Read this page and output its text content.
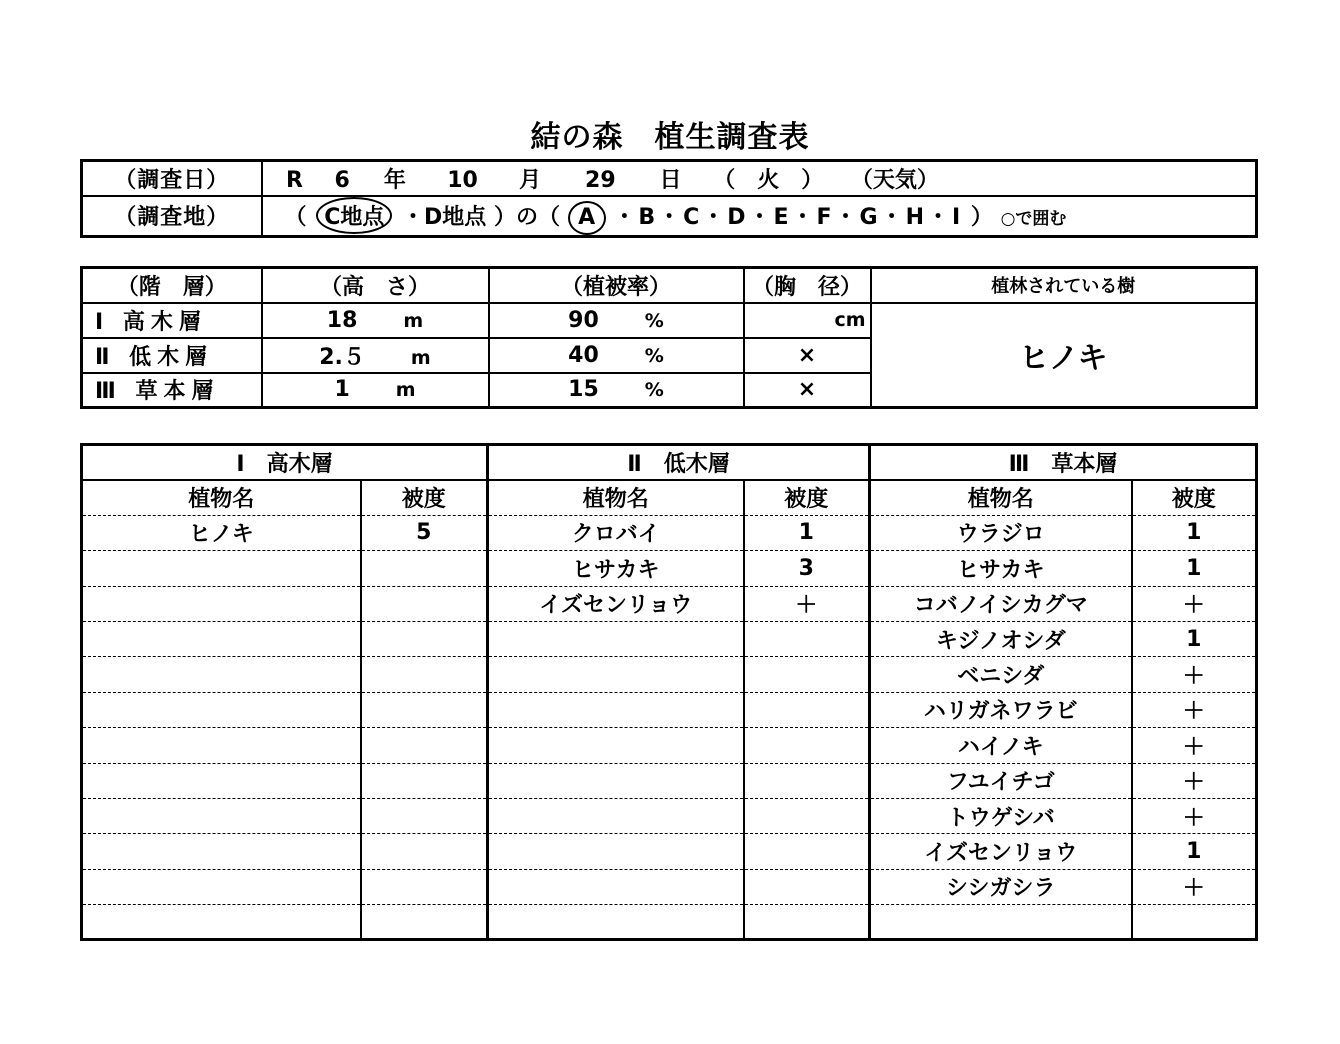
結の森　植生調査表
（調査日）	R 6 年 10 月 29 日 （　火　） （天気）
（調査地）	（ C地点 ・D地点 ）の（ A ・B・C・D・E・F・G・H・I ） ○で囲む
（階　層）	（高　さ）	（植被率）	（胸　径）	植林されている樹
Ⅰ 高木層	18 m	90 %	cm	ヒノキ
Ⅱ 低木層	2.５ m	40 %	×	
Ⅲ 草本層	1 m	15 %	×	
Ⅰ　高木層		Ⅱ　低木層		Ⅲ　草本層	
植物名	被度	植物名	被度	植物名	被度
ヒノキ	5	クロバイ	1	ウラジロ	1
		ヒサカキ	3	ヒサカキ	1
		イズセンリョウ	＋	コバノイシカグマ	＋
				キジノオシダ	1
				ベニシダ	＋
				ハリガネワラビ	＋
				ハイノキ	＋
				フユイチゴ	＋
				トウゲシバ	＋
				イズセンリョウ	1
				シシガシラ	＋
